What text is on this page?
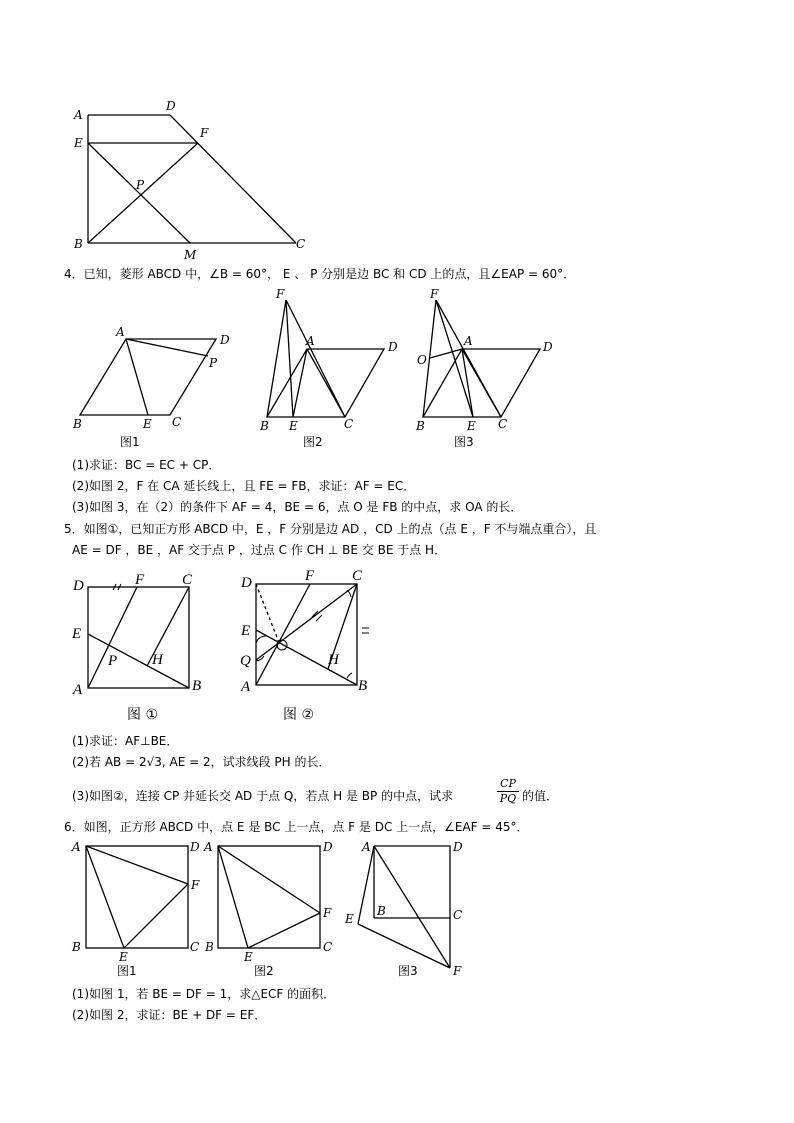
A
D
E
F
P
B
M
C
A
D
P
B	E C
图1
F
A	D
B E	C
图2
F
O
A	D
B	E C
图3
D	F	C
E
P H
A	B
图 ①
D	F	C
E
Q	H
A	B
图 ②
A	D
F
B
E
C
图1
A	D
F
B
E
C
图2
A	D
E
B	C
F
图3
4．已知，菱形 ABCD 中，∠B = 60°， E 、 P 分别是边 BC 和 CD 上的点，且∠EAP = 60°．
(1)求证：BC = EC + CP．
(2)如图 2，F 在 CA 延长线上，且 FE = FB，求证：AF = EC．
(3)如图 3，在（2）的条件下 AF = 4，BE = 6，点 O 是 FB 的中点，求 OA 的长．
5．如图①，已知正方形 ABCD 中，E ，F 分别是边 AD ，CD 上的点（点 E ，F 不与端点重合），且
AE = DF ，BE ，AF 交于点 P ，过点 C 作 CH ⊥ BE 交 BE 于点 H．
(1)求证：AF⊥BE．
(2)若 AB = 2√3, AE = 2，试求线段 PH 的长．
(3)如图②，连接 CP 并延长交 AD 于点 Q，若点 H 是 BP 的中点，试求
CP
PQ 的值．
6．如图，正方形 ABCD 中，点 E 是 BC 上一点，点 F 是 DC 上一点，∠EAF = 45°．
(1)如图 1，若 BE = DF = 1，求△ECF 的面积．
(2)如图 2，求证：BE + DF = EF．
